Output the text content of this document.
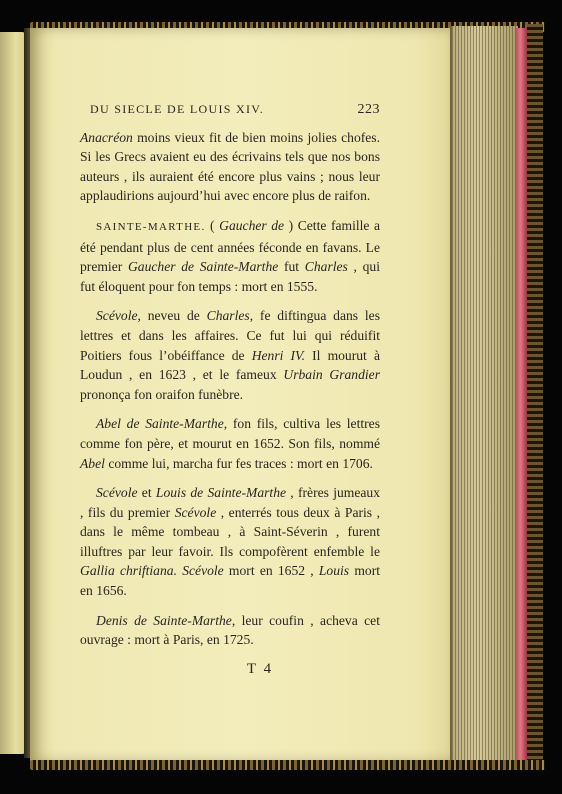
DU SIECLE DE LOUIS XIV.	223

Anacréon moins vieux fit de bien moins jolies chofes. Si les Grecs avaient eu des écrivains tels que nos bons auteurs , ils auraient été encore plus vains ; nous leur applaudirions aujourd’hui avec encore plus de raifon.

SAINTE-MARTHE. ( Gaucher de ) Cette famille a été pendant plus de cent années féconde en favans. Le premier Gaucher de Sainte-Marthe fut Charles , qui fut éloquent pour fon temps : mort en 1555.

Scévole, neveu de Charles, fe diftingua dans les lettres et dans les affaires. Ce fut lui qui réduifit Poitiers fous l’obéiffance de Henri IV. Il mourut à Loudun , en 1623 , et le fameux Urbain Grandier prononça fon oraifon funèbre.

Abel de Sainte-Marthe, fon fils, cultiva les lettres comme fon père, et mourut en 1652. Son fils, nommé Abel comme lui, marcha fur fes traces : mort en 1706.

Scévole et Louis de Sainte-Marthe , frères jumeaux , fils du premier Scévole , enterrés tous deux à Paris , dans le même tombeau , à Saint-Séverin , furent illuftres par leur favoir. Ils compofèrent enfemble le Gallia chriftiana. Scévole mort en 1652 , Louis mort en 1656.

Denis de Sainte-Marthe, leur coufin , acheva cet ouvrage : mort à Paris, en 1725.

T 4
